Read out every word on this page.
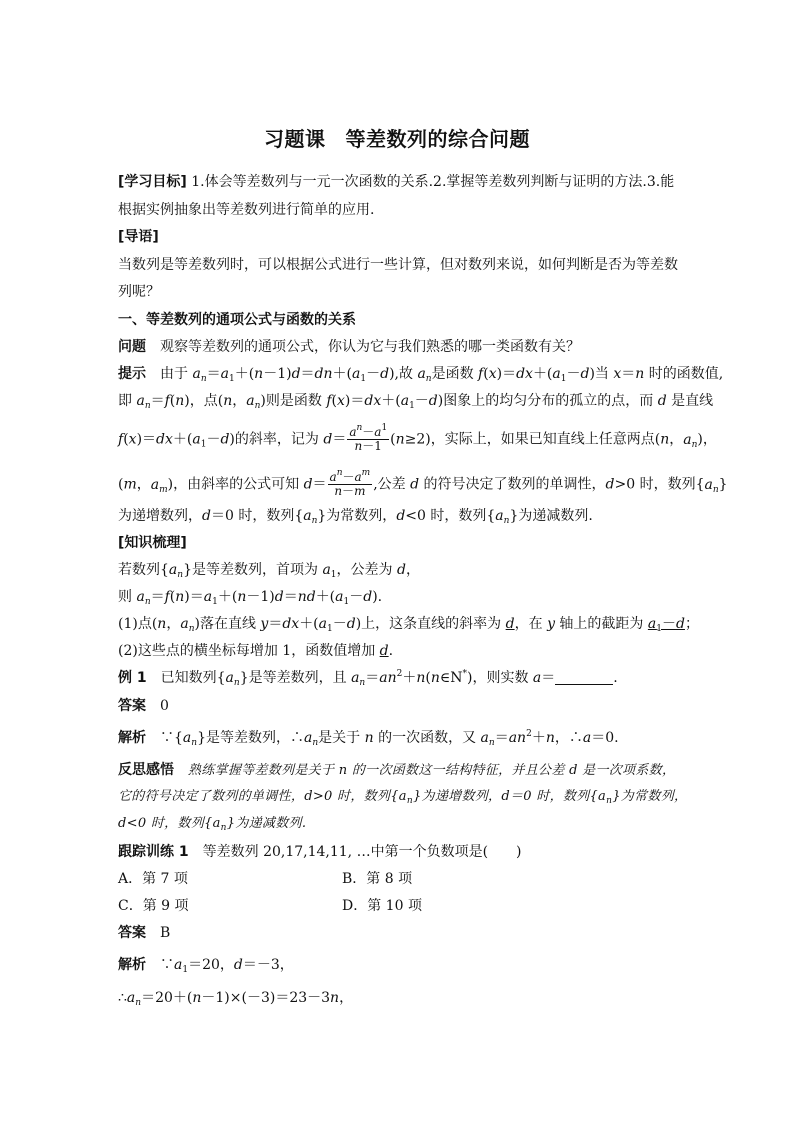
习题课 等差数列的综合问题
[学习目标] 1.体会等差数列与一元一次函数的关系.2.掌握等差数列判断与证明的方法.3.能
根据实例抽象出等差数列进行简单的应用.
[导语]
当数列是等差数列时，可以根据公式进行一些计算，但对数列来说，如何判断是否为等差数
列呢？
一、等差数列的通项公式与函数的关系
问题　 观察等差数列的通项公式，你认为它与我们熟悉的哪一类函数有关？
提示　由于 $a_n=a_1+(n-1)d=dn+(a_1-d)$,故 $a_n$是函数 $f(x)=dx+(a_1-d)$当 x＝n 时的函数值,
即 $a_n=f(n)$，点(n，$a_n$)则是函数 $f(x)=dx+(a_1-d)$图象上的均匀分布的孤立的点，而 d 是直线
$f(x)=dx+(a_1-d)$的斜率，记为 $d= \frac{a^n-a^1}{n-1} (n\ge 2)$，实际上，如果已知直线上任意两点(n，$a_n$)，
(m，$a_m$)，由斜率的公式可知 $d= \frac{a^n-a^m}{n-m}$ ,公差 d 的符号决定了数列的单调性，d>0 时，数列$\{a_n\}$
为递增数列，d＝0 时，数列$\{a_n\}$为常数列，d<0 时，数列$\{a_n\}$为递减数列.
[知识梳理]
若数列$\{a_n\}$是等差数列，首项为 $a_1$，公差为 d，
则 $a_n=f(n)=a_1+(n-1)d=nd+(a_1-d)$.
(1)点(n，$a_n$)落在直线 $y=dx+(a_1-d)$上，这条直线的斜率为 d，在 y 轴上的截距为 $a_1-d$；
(2)这些点的横坐标每增加 1，函数值增加 d.
例 1　已知数列$\{a_n\}$是等差数列，且 $a_n=an^2+n(n\in N^*)$，则实数 a＝	.
答案　 0
解析　$\because\{a_n\}$是等差数列，$\therefore a_n$是关于 n 的一次函数，又 $a_n=an^2+n$，∴a＝0.
反思感悟　 熟练掌握等差数列是关于 n 的一次函数这一结构特征，并且公差 d 是一次项系数，
它的符号决定了数列的单调性，d>0 时，数列$\{a_n\}$为递增数列，d＝0 时，数列$\{a_n\}$为常数列，
d<0 时，数列$\{a_n\}$为递减数列.
跟踪训练 1　 等差数列 20,17,14,11, …中第一个负数项是(　　)
A．第 7 项	B．第 8 项
C．第 9 项	D．第 10 项
答案　 B
解析　$\because a_1=20$，d＝－3，
$\therefore a_n=20+(n-1)\times(-3)=23-3n$，
